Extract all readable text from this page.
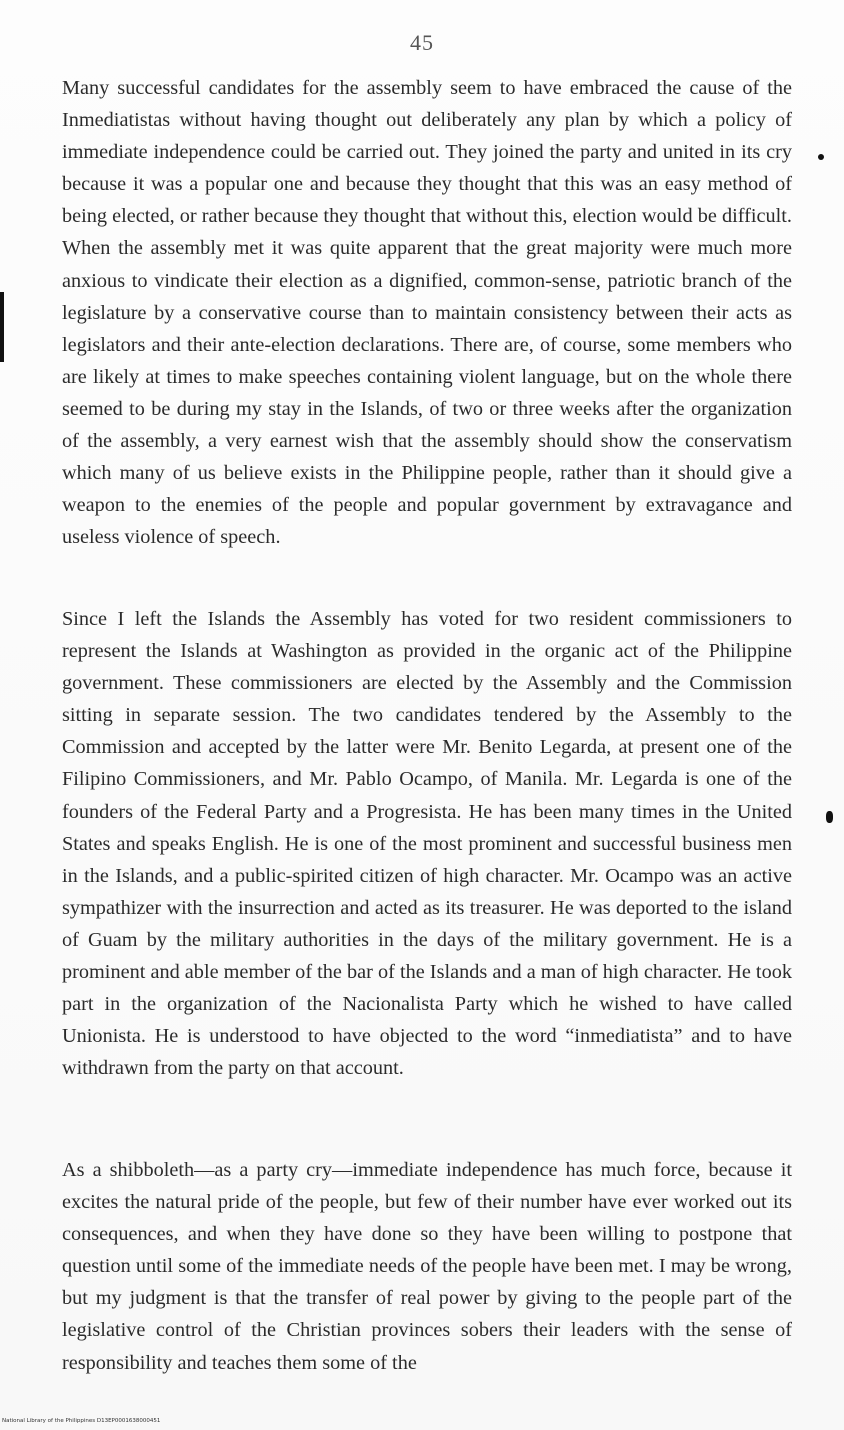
45

Many successful candidates for the assembly seem to have embraced the cause of the Inmediatistas without having thought out deliberately any plan by which a policy of immediate independence could be carried out. They joined the party and united in its cry because it was a popular one and because they thought that this was an easy method of being elected, or rather because they thought that without this, election would be difficult. When the assembly met it was quite apparent that the great majority were much more anxious to vindicate their election as a dignified, common-sense, patriotic branch of the legislature by a conservative course than to maintain consistency between their acts as legislators and their ante-election declarations. There are, of course, some members who are likely at times to make speeches containing violent language, but on the whole there seemed to be during my stay in the Islands, of two or three weeks after the organization of the assembly, a very earnest wish that the assembly should show the conservatism which many of us believe exists in the Philippine people, rather than it should give a weapon to the enemies of the people and popular government by extravagance and useless violence of speech.

Since I left the Islands the Assembly has voted for two resident commissioners to represent the Islands at Washington as provided in the organic act of the Philippine government. These commissioners are elected by the Assembly and the Commission sitting in separate session. The two candidates tendered by the Assembly to the Commission and accepted by the latter were Mr. Benito Legarda, at present one of the Filipino Commissioners, and Mr. Pablo Ocampo, of Manila. Mr. Legarda is one of the founders of the Federal Party and a Progresista. He has been many times in the United States and speaks English. He is one of the most prominent and successful business men in the Islands, and a public-spirited citizen of high character. Mr. Ocampo was an active sympathizer with the insurrection and acted as its treasurer. He was deported to the island of Guam by the military authorities in the days of the military government. He is a prominent and able member of the bar of the Islands and a man of high character. He took part in the organization of the Nacionalista Party which he wished to have called Unionista. He is understood to have objected to the word “inmediatista” and to have withdrawn from the party on that account.

As a shibboleth—as a party cry—immediate independence has much force, because it excites the natural pride of the people, but few of their number have ever worked out its consequences, and when they have done so they have been willing to postpone that question until some of the immediate needs of the people have been met. I may be wrong, but my judgment is that the transfer of real power by giving to the people part of the legislative control of the Christian provinces sobers their leaders with the sense of responsibility and teaches them some of the

National Library of the Philippines D13EP0001638000451
